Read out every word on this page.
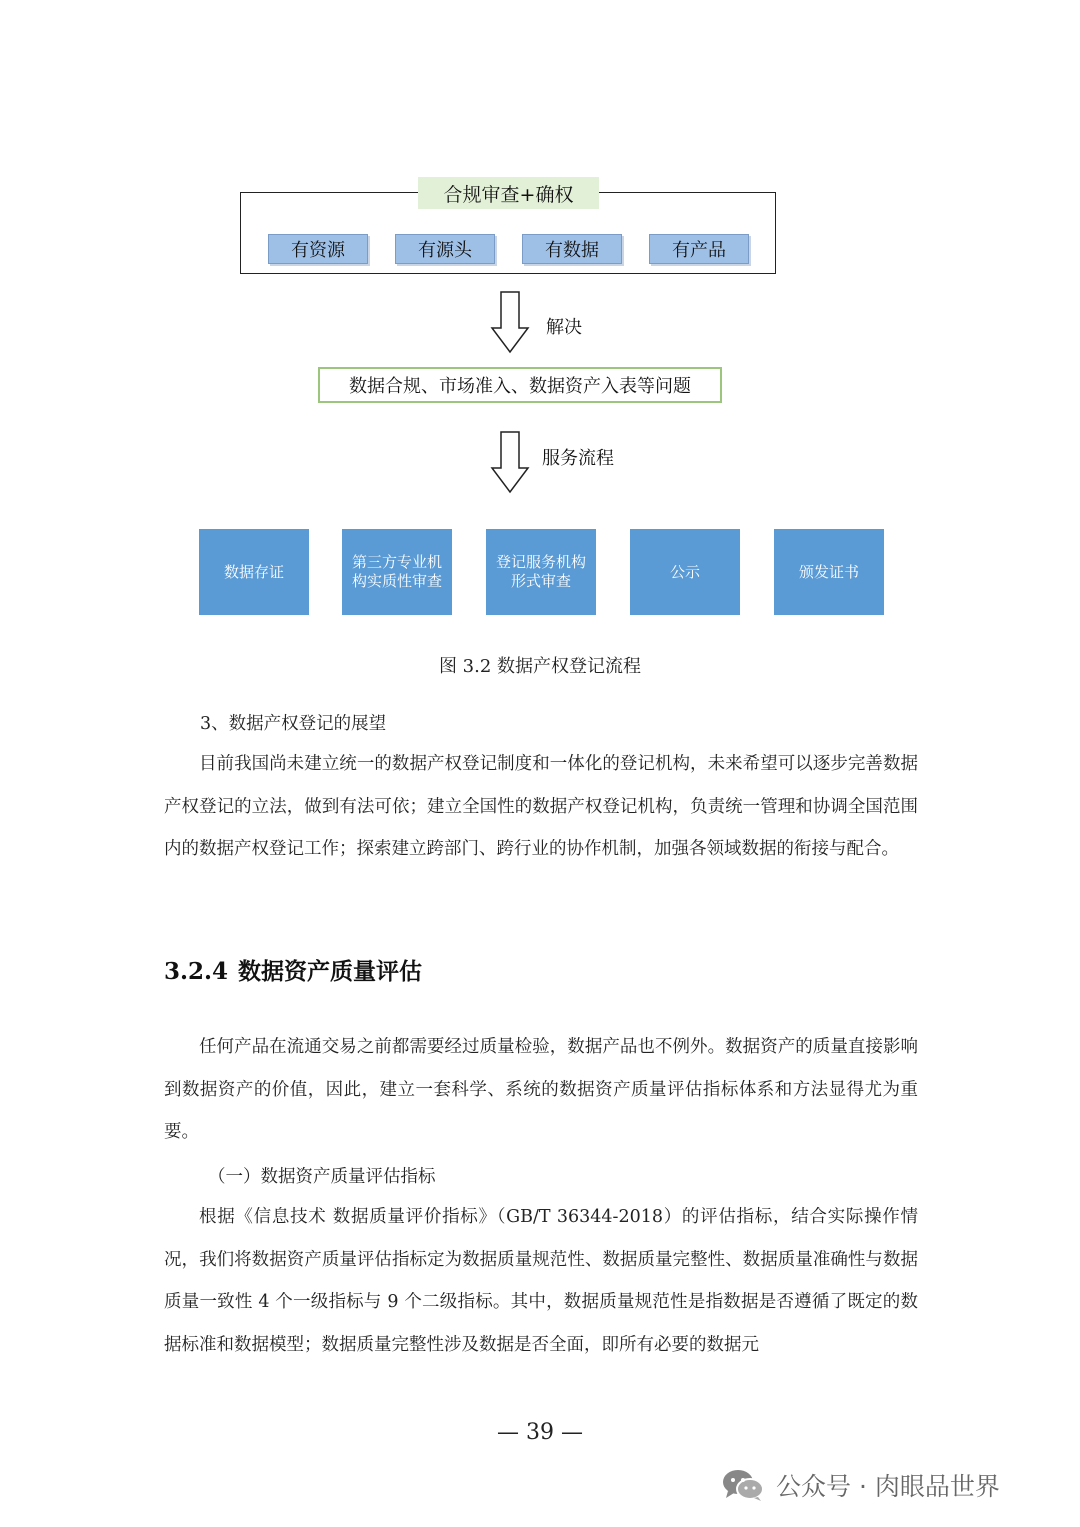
合规审查+确权
有资源	有源头	有数据	有产品
解决
数据合规、市场准入、数据资产入表等问题
服务流程
数据存证
第三方专业机构实质性审查
登记服务机构形式审查
公示	颁发证书
图 3.2 数据产权登记流程
3、数据产权登记的展望
目前我国尚未建立统一的数据产权登记制度和一体化的登记机构，未来希望可以逐步完善数据产权登记的立法，做到有法可依；建立全国性的数据产权登记机构，负责统一管理和协调全国范围内的数据产权登记工作；探索建立跨部门、跨行业的协作机制，加强各领域数据的衔接与配合。
3.2.4 数据资产质量评估
任何产品在流通交易之前都需要经过质量检验，数据产品也不例外。数据资产的质量直接影响到数据资产的价值，因此，建立一套科学、系统的数据资产质量评估指标体系和方法显得尤为重要。
（一）数据资产质量评估指标
根据《信息技术 数据质量评价指标》（GB/T 36344-2018）的评估指标，结合实际操作情况，我们将数据资产质量评估指标定为数据质量规范性、数据质量完整性、数据质量准确性与数据质量一致性 4 个一级指标与 9 个二级指标。其中，数据质量规范性是指数据是否遵循了既定的数据标准和数据模型；数据质量完整性涉及数据是否全面，即所有必要的数据元
— 39 —
公众号 · 肉眼品世界
